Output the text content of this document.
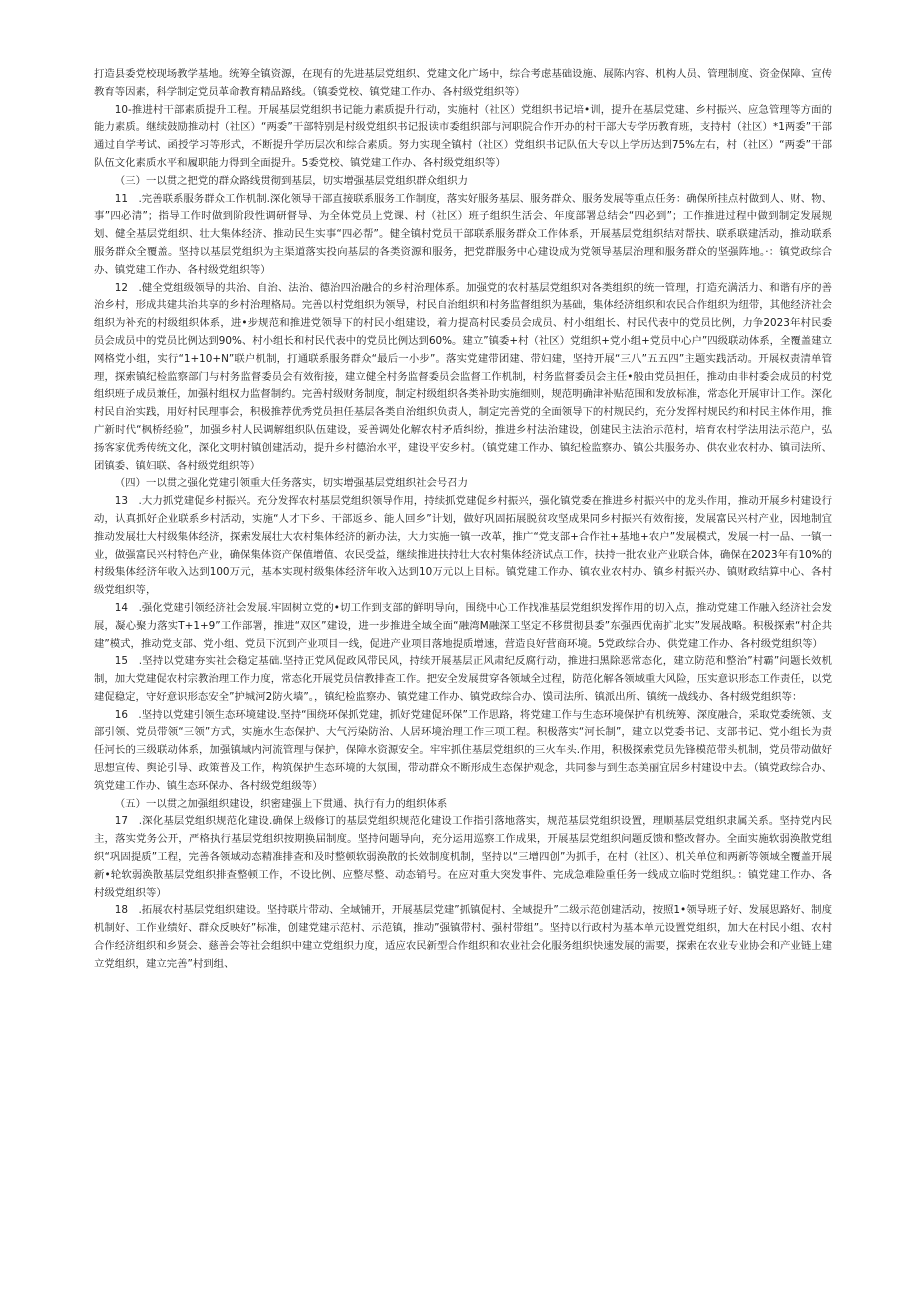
打造县委党校现场教学基地。统筹全镇资源，在现有的先进基层党组织、党建文化广场中，综合考虑基础设施、展陈内容、机构人员、管理制度、资金保障、宣传教育等因素，科学制定党员革命教育精品路线。（镇委党校、镇党建工作办、各村级党组织等）

10-推进村干部素质提升工程。开展基层党组织书记能力素质提升行动，实施村（社区）党组织书记培•训，提升在基层党建、乡村振兴、应急管理等方面的能力素质。继续鼓励推动村（社区）“两委”干部特别是村级党组织书记报读市委组织部与河职院合作开办的村干部大专学历教育班，支持村（社区）*1两委”干部通过自学考试、函授学习等形式，不断提升学历层次和综合素质。努力实现全镇村（社区）党组织书记队伍大专以上学历达到75%左右，村（社区）“两委”干部队伍文化素质水平和履职能力得到全面提升。5委党校、镇党建工作办、各村级党组织等）

（三）一以贯之把党的群众路线贯彻到基层，切实增强基层党组织群众组织力

11　.完善联系服务群众工作机制.深化领导干部直接联系服务工作制度，落实好服务基层、服务群众、服务发展等重点任务：确保所挂点村做到人、财、物、事”四必清”；指导工作时做到阶段性调研督导、为全体党员上党课、村（社区）班子组织生活会、年度部署总结会“四必到”；工作推进过程中做到制定发展规划、健全基层党组织、壮大集体经济、推动民生实事“四必帮”。健全镇村党员干部联系服务群众工作体系，开展基层党组织结对帮扶、联系联建活动，推动联系服务群众全覆盖。坚持以基层党组织为主渠道落实投向基层的各类资源和服务，把党群服务中心建设成为党领导基层治理和服务群众的坚强阵地。·：镇党政综合办、镇党建工作办、各村级党组织等）

12　.健全党组级领导的共治、自治、法治、德治四治融合的乡村治理体系。加强党的农村基层党组织对各类组织的统一管理，打造充满活力、和谐有序的善治乡村，形成共建共治共享的乡村治理格局。完善以村党组织为领导，村民自治组织和村务监督组织为基础，集体经济组织和农民合作组织为纽带，其他经济社会组织为补充的村级组织体系，进•步规范和推进党领导下的村民小组建设，着力提高村民委员会成员、村小组组长、村民代表中的党员比例，力争2023年村民委员会成员中的党员比例达到90%、村小组长和村民代表中的党员比例达到60%。建立”镇委+村（社区）党组织+党小组+党员中心户”四级联动体系，全覆盖建立网格党小组，实行“1+10+N”联户机制，打通联系服务群众“最后一小步”。落实党建带团建、带妇建，坚持开展“三八”五五四”主题实践活动。开展权责清单管理，探索镇纪检监察部门与村务监督委员会有效衔接，建立健全村务监督委员会监督工作机制，村务监督委员会主任•般由党员担任，推动由非村委会成员的村党组织班子成员兼任，加强村组权力监督制约。完善村级财务制度，制定村级组织各类补助实施细则，规范明确津补贴范围和发放标准，常态化开展审计工作。深化村民自治实践，用好村民理事会，积极推荐优秀党员担任基层各类自治组织负责人，制定完善党的全面领导下的村规民约，充分发挥村规民约和村民主体作用，推广新时代“枫桥经验”，加强乡村人民调解组织队伍建设，妥善调处化解农村矛盾纠纷，推进乡村法治建设，创建民主法治示范村，培育农村学法用法示范户，弘扬客家优秀传统文化，深化文明村镇创建活动，提升乡村德治水平，建设平安乡村。（镇党建工作办、镇纪检监察办、镇公共服务办、供农业农村办、镇司法所、团镇委、镇妇联、各村级党组织等）

（四）一以贯之强化党建引领重大任务落实，切实增强基层党组织社会号召力

13　.大力抓党建促乡村振兴。充分发挥农村基层党组织领导作用，持续抓党建促乡村振兴，强化镇党委在推进乡村振兴中的龙头作用，推动开展乡村建设行动，认真抓好企业联系乡村活动，实施“人才下乡、干部返乡、能人回乡”计划，做好巩固拓展脱贫攻坚成果同乡村振兴有效衔接，发展富民兴村产业，因地制宜推动发展壮大村级集体经济，探索发展壮大农村集体经济的新办法，大力实施一镇一改革，推广“党支部+合作社+基地+农户”发展模式，发展一村一品、一镇一业，做强富民兴村特色产业，确保集体资产保值增值、农民受益，继续推进扶持壮大农村集体经济试点工作，扶持一批农业产业联合体，确保在2023年有10%的村级集体经济年收入达到100万元，基本实现村级集体经济年收入达到10万元以上目标。镇党建工作办、镇农业农村办、镇乡村振兴办、镇财政结算中心、各村级党组织等，

14　.强化党建引领经济社会发展.牢固树立党的•切工作到支部的鲜明导向，围绕中心工作找准基层党组织发挥作用的切入点，推动党建工作融入经济社会发展，凝心聚力落实T+1+9”工作部署，推进“双区”建设，进一步推进全域全面“融湾M融深工坚定不移贯彻县委”东强西优南扩北实”发展战略。积极探索“村企共建”模式，推动党支部、党小组、党员下沉到产业项目一线，促进产业项目落地提质增速，营造良好营商环境。5党政综合办、供党建工作办、各村级党组织等）

15　.坚持以党建夯实社会稳定基础.坚持正党风促政风带民风，持续开展基层正风肃纪反腐行动，推进扫黑除恶常态化，建立防范和整治”村霸”问题长效机制，加大党建促农村宗教治理工作力度，常态化开展党员信教排查工作。把安全发展贯穿各领域全过程，防范化解各领域重大风险，压实意识形态工作责任，以党建促稳定，守好意识形态安全”护城河2防火墙”。，镇纪检监察办、镇党建工作办、镇党政综合办、馍司法所、镇派出所、镇统一战线办、各村级党组织等：

16　.坚持以党建引领生态环境建设.坚持“围绕环保抓党建，抓好党建促环保”工作思路，将党建工作与生态环境保护有机统筹、深度融合，采取党委统领、支部引领、党员带领“三领”方式，实施水生态保护、大气污染防治、人居环境治理工作三项工程。积极落实“河长制”，建立以党委书记、支部书记、党小组长为责任河长的三级联动体系，加强镇域内河流管理与保护，保障水资源安全。牢牢抓住基层党组织的三火车头.作用，积极探索党员先锋模范带头机制，党员带动做好思想宣传、舆论引导、政策普及工作，构筑保护生态环境的大氛围，带动群众不断形成生态保护观念，共同参与到生态美丽宜居乡村建设中去。（镇党政综合办、筑党建工作办、镇生态环保办、各村级党组级等）

（五）一以贯之加强组织建设，织密建强上下贯通、执行有力的组织体系

17　.深化基层党组织规范化建设.确保上级修订的基层党组织规范化建设工作指引落地落实，规范基层党组织设置，理顺基层党组织隶属关系。坚持党内民主，落实党务公开，严格执行基层党组织按期换届制度。坚持问题导向，充分运用巡察工作成果，开展基层党组织问题反馈和整改督办。全面实施软弱涣散党组织“巩固提质”工程，完善各领域动态精准排查和及时整顿软弱涣散的长效制度机制，坚持以“三增四创”为抓手，在村（社区）、机关单位和两新等领域全覆盖开展新•轮软弱涣散基层党组织排查整顿工作，不设比例、应整尽整、动态销号。在应对重大突发事件、完成急难险重任务一线成立临时党组织。：镇党建工作办、各村级党组织等）

18　.拓展农村基层党组织建设。坚持联片带动、全域铺开，开展基层党建”抓镇促村、全域提升”二级示范创建活动，按照1•领导班子好、发展思路好、制度机制好、工作业绩好、群众反映好”标准，创建党建示范村、示范镇，推动”强镇带村、强村带组”。坚持以行政村为基本单元设置党组织，加大在村民小组、农村合作经济组织和乡贤会、慈善会等社会组织中建立党组织力度，适应农民新型合作组织和农业社会化服务组织快速发展的需要，探索在农业专业协会和产业链上建立党组织，建立完善”村到组、
